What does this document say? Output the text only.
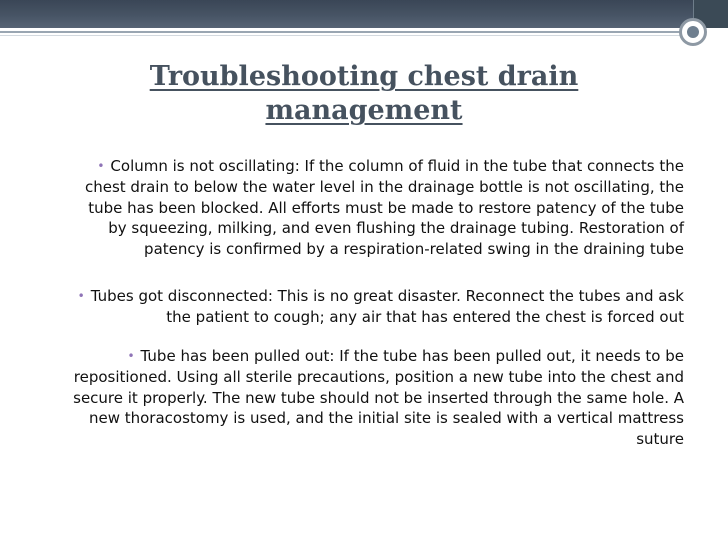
Troubleshooting chest drain management

• Column is not oscillating: If the column of fluid in the tube that connects the chest drain to below the water level in the drainage bottle is not oscillating, the tube has been blocked. All efforts must be made to restore patency of the tube by squeezing, milking, and even flushing the drainage tubing. Restoration of patency is confirmed by a respiration-related swing in the draining tube

• Tubes got disconnected: This is no great disaster. Reconnect the tubes and ask the patient to cough; any air that has entered the chest is forced out

• Tube has been pulled out: If the tube has been pulled out, it needs to be repositioned. Using all sterile precautions, position a new tube into the chest and secure it properly. The new tube should not be inserted through the same hole. A new thoracostomy is used, and the initial site is sealed with a vertical mattress suture
